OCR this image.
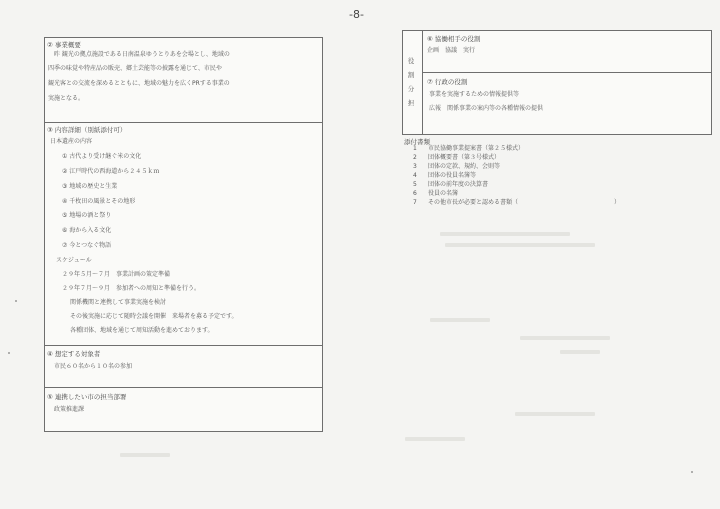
-8-
② 事業概要
昨 観光の拠点施設である日南温泉ゆうとりあを会場とし、地域の
四季の味覚や特産品の販売、郷土芸能等の披露を通じて、市民や
観光客との交流を深めるとともに、地域の魅力を広くPRする事業の
実施となる。
③ 内容詳細（別紙添付可）
日本遺産の内容
① 古代より受け継ぐ米の文化
② 江戸時代の西海道から２４５ｋｍ
③ 地域の歴史と生業
④ 千枚田の風景とその地形
⑤ 地場の酒と祭り
⑥ 海から入る文化
⑦ 今とつなぐ物語
スケジュール
２９年５月～７月　事業計画の策定準備
２９年７月～９月　参加者への周知と準備を行う。
関係機関と連携して事業実施を検討
その後実施に応じて随時会議を開催　来場者を募る予定です。
各種団体、地域を通じて周知活動を進めております。
④ 想定する対象者
市民６０名から１０名の参加
⑤ 連携したい市の担当部署
政策推進課
役
割
分
担
⑥ 協働相手の役割
企画　協議　実行
⑦ 行政の役割
事業を実施するための情報提供等
広報　関係事業の案内等の各種情報の提供
添付書類
1 市民協働事業提案書（第２５様式）
2 団体概要書（第３号様式）
3 団体の定款、規約、会則等
4 団体の役員名簿等
5 団体の前年度の決算書
6 役員の名簿
7 その他市長が必要と認める書類（　　　　　　　　　　　　　　　　）
